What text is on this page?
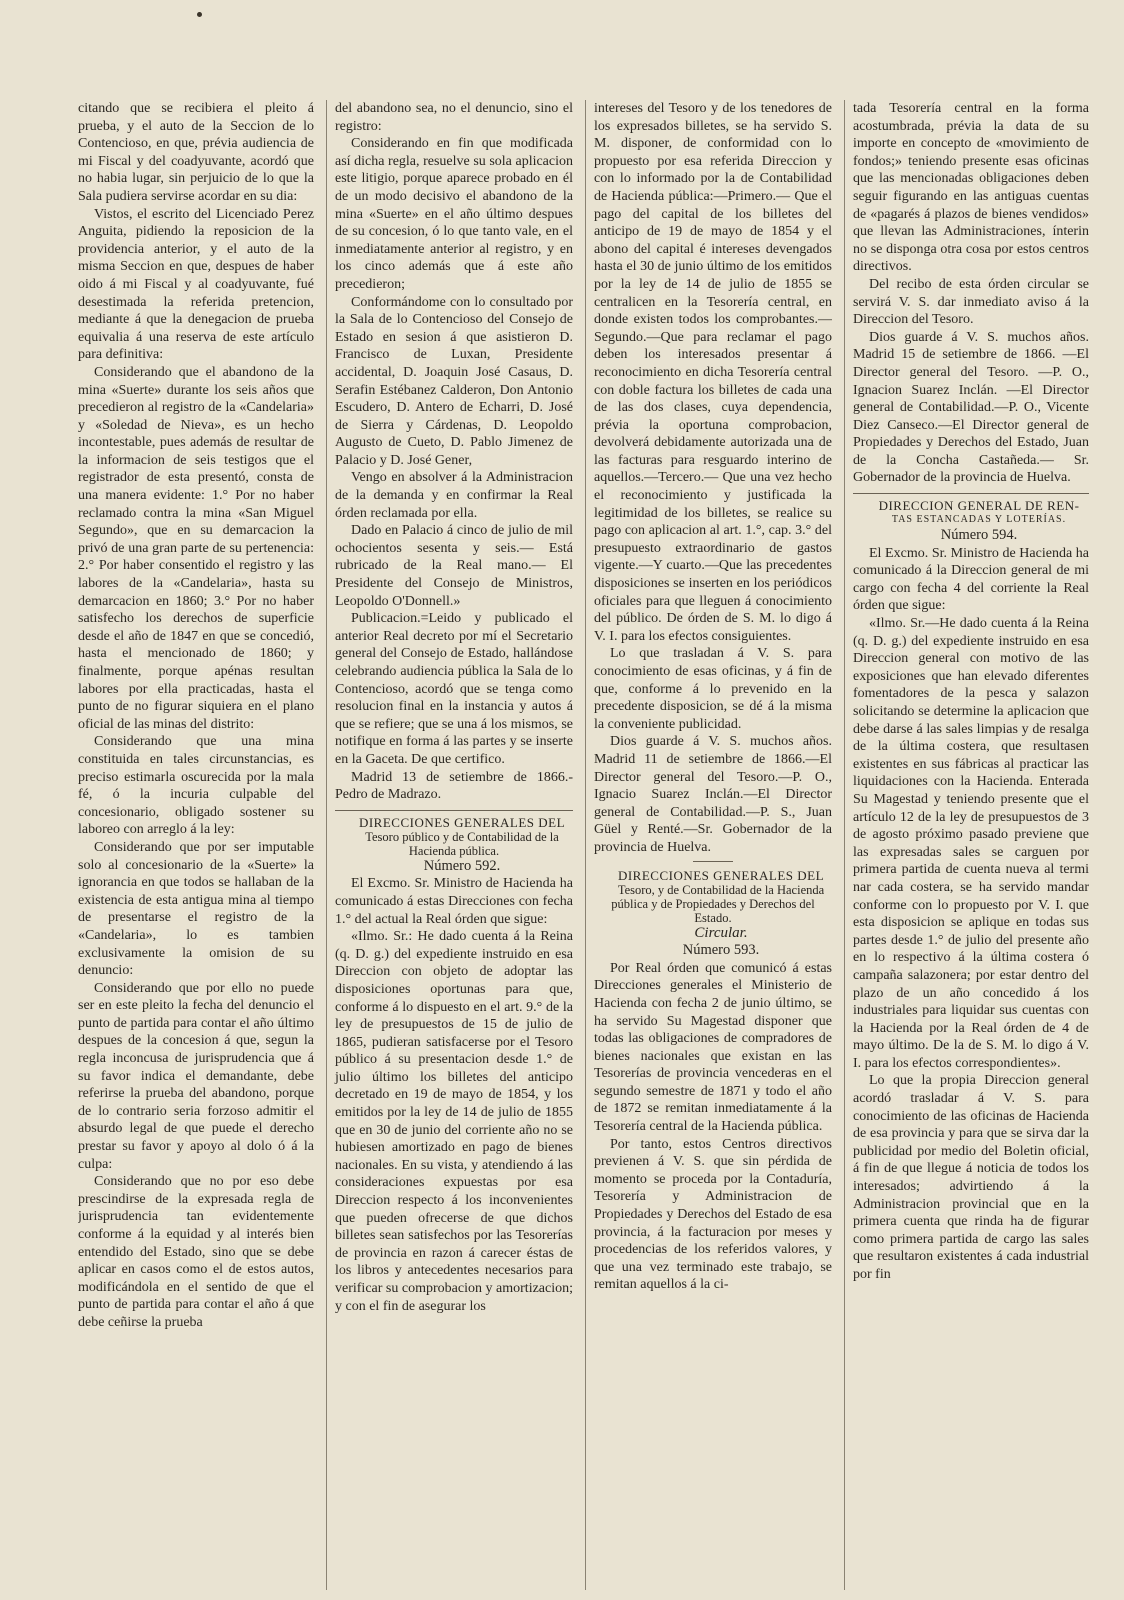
citando que se recibiera el pleito á prueba, y el auto de la Seccion de lo Contencioso, en que, prévia audiencia de mi Fiscal y del coadyuvante, acordó que no habia lugar, sin perjuicio de lo que la Sala pudiera servirse acordar en su dia:

Vistos, el escrito del Licenciado Perez Anguita, pidiendo la reposicion de la providencia anterior, y el auto de la misma Seccion en que, despues de haber oido á mi Fiscal y al coadyuvante, fué desestimada la referida pretencion, mediante á que la denegacion de prueba equivalia á una reserva de este artículo para definitiva:

Considerando que el abandono de la mina «Suerte» durante los seis años que precedieron al registro de la «Candelaria» y «Soledad de Nieva», es un hecho incontestable, pues además de resultar de la informacion de seis testigos que el registrador de esta presentó, consta de una manera evidente: 1.° Por no haber reclamado contra la mina «San Miguel Segundo», que en su demarcacion la privó de una gran parte de su pertenencia: 2.° Por haber consentido el registro y las labores de la «Candelaria», hasta su demarcacion en 1860; 3.° Por no haber satisfecho los derechos de superficie desde el año de 1847 en que se concedió, hasta el mencionado de 1860; y finalmente, porque apénas resultan labores por ella practicadas, hasta el punto de no figurar siquiera en el plano oficial de las minas del distrito:

Considerando que una mina constituida en tales circunstancias, es preciso estimarla oscurecida por la mala fé, ó la incuria culpable del concesionario, obligado sostener su laboreo con arreglo á la ley:

Considerando que por ser imputable solo al concesionario de la «Suerte» la ignorancia en que todos se hallaban de la existencia de esta antigua mina al tiempo de presentarse el registro de la «Candelaria», lo es tambien exclusivamente la omision de su denuncio:

Considerando que por ello no puede ser en este pleito la fecha del denuncio el punto de partida para contar el año último despues de la concesion á que, segun la regla inconcusa de jurisprudencia que á su favor indica el demandante, debe referirse la prueba del abandono, porque de lo contrario seria forzoso admitir el absurdo legal de que puede el derecho prestar su favor y apoyo al dolo ó á la culpa:

Considerando que no por eso debe prescindirse de la expresada regla de jurisprudencia tan evidentemente conforme á la equidad y al interés bien entendido del Estado, sino que se debe aplicar en casos como el de estos autos, modificándola en el sentido de que el punto de partida para contar el año á que debe ceñirse la prueba

del abandono sea, no el denuncio, sino el registro:

Considerando en fin que modificada así dicha regla, resuelve su sola aplicacion este litigio, porque aparece probado en él de un modo decisivo el abandono de la mina «Suerte» en el año último despues de su concesion, ó lo que tanto vale, en el inmediatamente anterior al registro, y en los cinco además que á este año precedieron;

Conformándome con lo consultado por la Sala de lo Contencioso del Consejo de Estado en sesion á que asistieron D. Francisco de Luxan, Presidente accidental, D. Joaquin José Casaus, D. Serafin Estébanez Calderon, Don Antonio Escudero, D. Antero de Echarri, D. José de Sierra y Cárdenas, D. Leopoldo Augusto de Cueto, D. Pablo Jimenez de Palacio y D. José Gener,

Vengo en absolver á la Administracion de la demanda y en confirmar la Real órden reclamada por ella.

Dado en Palacio á cinco de julio de mil ochocientos sesenta y seis.— Está rubricado de la Real mano.— El Presidente del Consejo de Ministros, Leopoldo O'Donnell.»

Publicacion.=Leido y publicado el anterior Real decreto por mí el Secretario general del Consejo de Estado, hallándose celebrando audiencia pública la Sala de lo Contencioso, acordó que se tenga como resolucion final en la instancia y autos á que se refiere; que se una á los mismos, se notifique en forma á las partes y se inserte en la Gaceta. De que certifico.

Madrid 13 de setiembre de 1866.- Pedro de Madrazo.

DIRECCIONES GENERALES DEL

Tesoro público y de Contabilidad de la Hacienda pública.

Número 592.

El Excmo. Sr. Ministro de Hacienda ha comunicado á estas Direcciones con fecha 1.° del actual la Real órden que sigue:

«Ilmo. Sr.: He dado cuenta á la Reina (q. D. g.) del expediente instruido en esa Direccion con objeto de adoptar las disposiciones oportunas para que, conforme á lo dispuesto en el art. 9.° de la ley de presupuestos de 15 de julio de 1865, pudieran satisfacerse por el Tesoro público á su presentacion desde 1.° de julio último los billetes del anticipo decretado en 19 de mayo de 1854, y los emitidos por la ley de 14 de julio de 1855 que en 30 de junio del corriente año no se hubiesen amortizado en pago de bienes nacionales. En su vista, y atendiendo á las consideraciones expuestas por esa Direccion respecto á los inconvenientes que pueden ofrecerse de que dichos billetes sean satisfechos por las Tesorerías de provincia en razon á carecer éstas de los libros y antecedentes necesarios para verificar su comprobacion y amortizacion; y con el fin de asegurar los

intereses del Tesoro y de los tenedores de los expresados billetes, se ha servido S. M. disponer, de conformidad con lo propuesto por esa referida Direccion y con lo informado por la de Contabilidad de Hacienda pública:—Primero.— Que el pago del capital de los billetes del anticipo de 19 de mayo de 1854 y el abono del capital é intereses devengados hasta el 30 de junio último de los emitidos por la ley de 14 de julio de 1855 se centralicen en la Tesorería central, en donde existen todos los comprobantes.—Segundo.—Que para reclamar el pago deben los interesados presentar á reconocimiento en dicha Tesorería central con doble factura los billetes de cada una de las dos clases, cuya dependencia, prévia la oportuna comprobacion, devolverá debidamente autorizada una de las facturas para resguardo interino de aquellos.—Tercero.— Que una vez hecho el reconocimiento y justificada la legitimidad de los billetes, se realice su pago con aplicacion al art. 1.°, cap. 3.° del presupuesto extraordinario de gastos vigente.—Y cuarto.—Que las precedentes disposiciones se inserten en los periódicos oficiales para que lleguen á conocimiento del público. De órden de S. M. lo digo á V. I. para los efectos consiguientes.

Lo que trasladan á V. S. para conocimiento de esas oficinas, y á fin de que, conforme á lo prevenido en la precedente disposicion, se dé á la misma la conveniente publicidad.

Dios guarde á V. S. muchos años. Madrid 11 de setiembre de 1866.—El Director general del Tesoro.—P. O., Ignacio Suarez Inclán.—El Director general de Contabilidad.—P. S., Juan Güel y Renté.—Sr. Gobernador de la provincia de Huelva.

DIRECCIONES GENERALES DEL

Tesoro, y de Contabilidad de la Hacienda pública y de Propiedades y Derechos del Estado.

Circular.

Número 593.

Por Real órden que comunicó á estas Direcciones generales el Ministerio de Hacienda con fecha 2 de junio último, se ha servido Su Magestad disponer que todas las obligaciones de compradores de bienes nacionales que existan en las Tesorerías de provincia vencederas en el segundo semestre de 1871 y todo el año de 1872 se remitan inmediatamente á la Tesorería central de la Hacienda pública.

Por tanto, estos Centros directivos previenen á V. S. que sin pérdida de momento se proceda por la Contaduría, Tesorería y Administracion de Propiedades y Derechos del Estado de esa provincia, á la facturacion por meses y procedencias de los referidos valores, y que una vez terminado este trabajo, se remitan aquellos á la ci-

tada Tesorería central en la forma acostumbrada, prévia la data de su importe en concepto de «movimiento de fondos;» teniendo presente esas oficinas que las mencionadas obligaciones deben seguir figurando en las antiguas cuentas de «pagarés á plazos de bienes vendidos» que llevan las Administraciones, ínterin no se disponga otra cosa por estos centros directivos.

Del recibo de esta órden circular se servirá V. S. dar inmediato aviso á la Direccion del Tesoro.

Dios guarde á V. S. muchos años. Madrid 15 de setiembre de 1866. —El Director general del Tesoro. —P. O., Ignacion Suarez Inclán. —El Director general de Contabilidad.—P. O., Vicente Diez Canseco.—El Director general de Propiedades y Derechos del Estado, Juan de la Concha Castañeda.— Sr. Gobernador de la provincia de Huelva.

DIRECCION GENERAL DE REN-

TAS ESTANCADAS Y LOTERÍAS.

Número 594.

El Excmo. Sr. Ministro de Hacienda ha comunicado á la Direccion general de mi cargo con fecha 4 del corriente la Real órden que sigue:

«Ilmo. Sr.—He dado cuenta á la Reina (q. D. g.) del expediente instruido en esa Direccion general con motivo de las exposiciones que han elevado diferentes fomentadores de la pesca y salazon solicitando se determine la aplicacion que debe darse á las sales limpias y de resalga de la última costera, que resultasen existentes en sus fábricas al practicar las liquidaciones con la Hacienda. Enterada Su Magestad y teniendo presente que el artículo 12 de la ley de presupuestos de 3 de agosto próximo pasado previene que las expresadas sales se carguen por primera partida de cuenta nueva al termi nar cada costera, se ha servido mandar conforme con lo propuesto por V. I. que esta disposicion se aplique en todas sus partes desde 1.° de julio del presente año en lo respectivo á la última costera ó campaña salazonera; por estar dentro del plazo de un año concedido á los industriales para liquidar sus cuentas con la Hacienda por la Real órden de 4 de mayo último. De la de S. M. lo digo á V. I. para los efectos correspondientes».

Lo que la propia Direccion general acordó trasladar á V. S. para conocimiento de las oficinas de Hacienda de esa provincia y para que se sirva dar la publicidad por medio del Boletin oficial, á fin de que llegue á noticia de todos los interesados; advirtiendo á la Administracion provincial que en la primera cuenta que rinda ha de figurar como primera partida de cargo las sales que resultaron existentes á cada industrial por fin
